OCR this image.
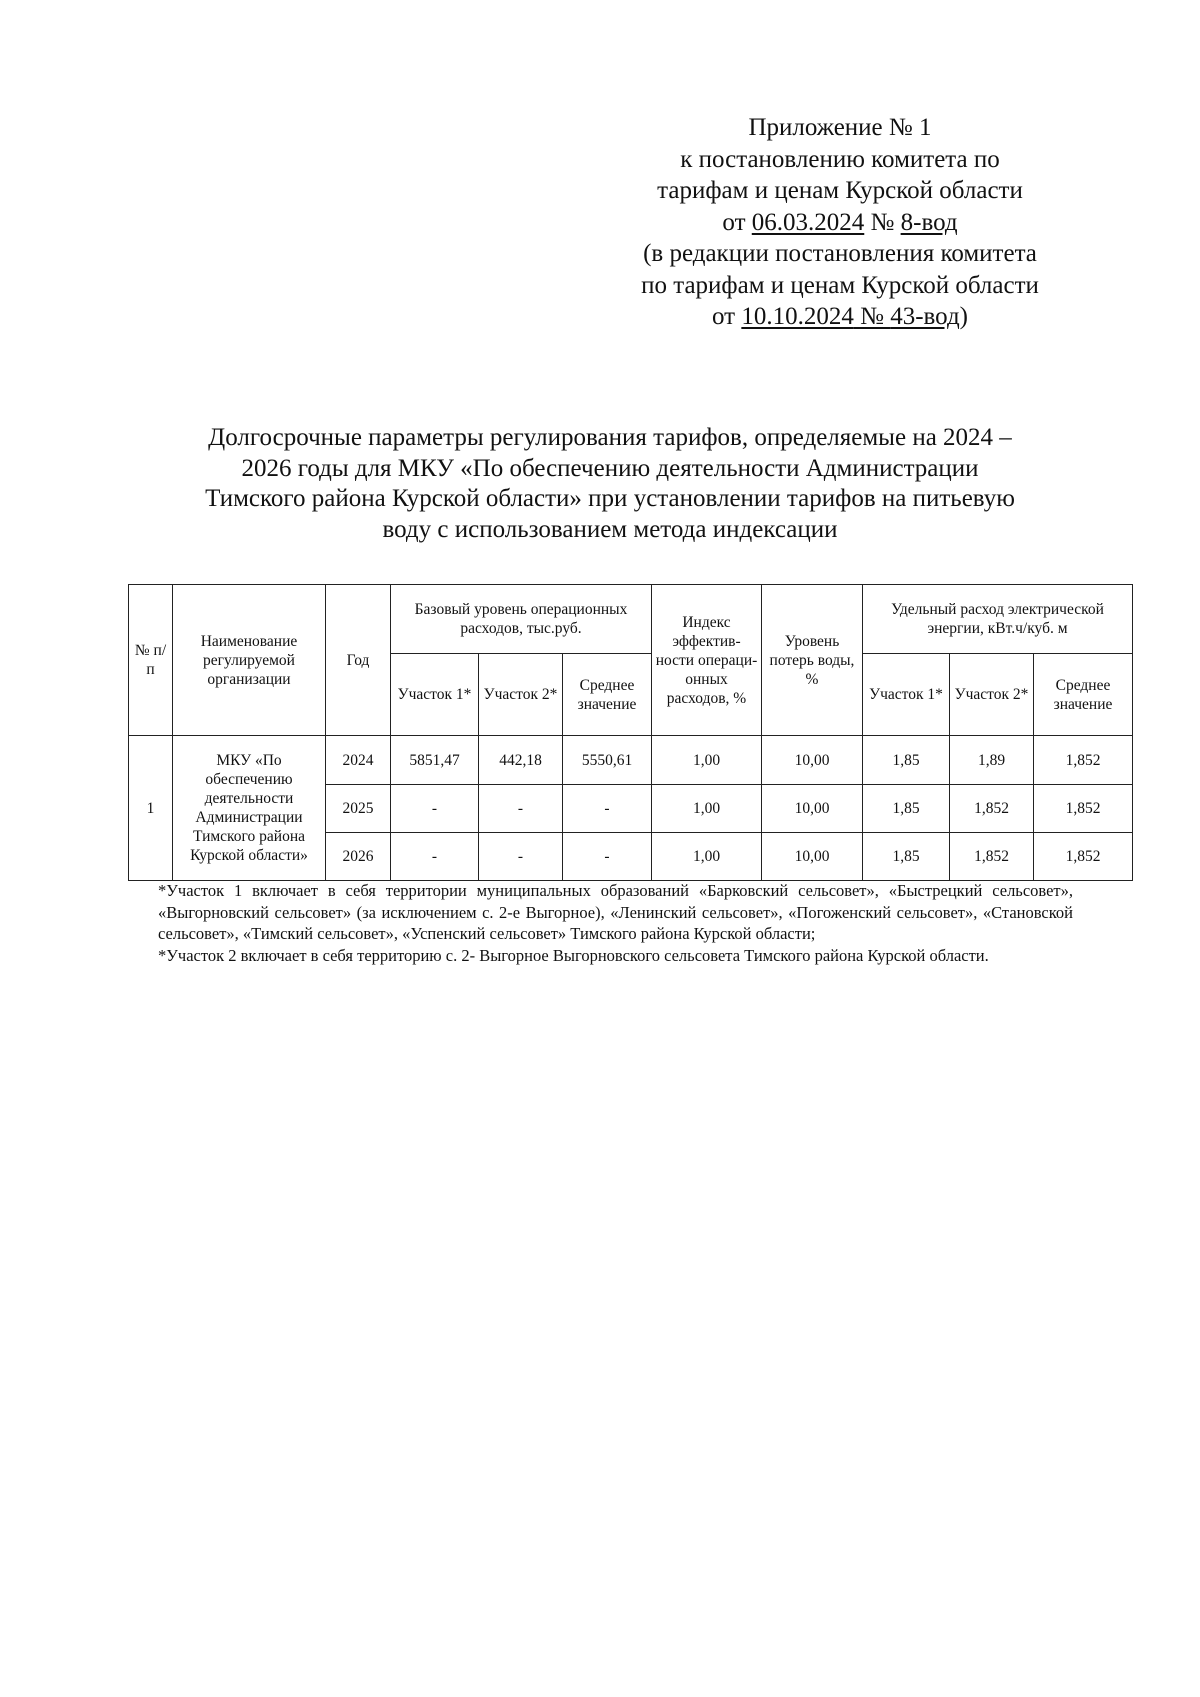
Приложение № 1
к постановлению комитета по
тарифам и ценам Курской области
от 06.03.2024 № 8-вод
(в редакции постановления комитета
по тарифам и ценам Курской области
от 10.10.2024 № 43-вод)
Долгосрочные параметры регулирования тарифов, определяемые на 2024 –
2026 годы для МКУ «По обеспечению деятельности Администрации
Тимского района Курской области» при установлении тарифов на питьевую
воду с использованием метода индексации
№ п/п	Наименование регулируемой организации	Год	Базовый уровень операционных расходов, тыс.руб.			Индекс эффектив-ности операци-онных расходов, %	Уровень потерь воды, %	Удельный расход электрической энергии, кВт.ч/куб. м		
			Участок 1*	Участок 2*	Среднее значение			Участок 1*	Участок 2*	Среднее значение
1	МКУ «По обеспечению деятельности Администрации Тимского района Курской области»	2024	5851,47	442,18	5550,61	1,00	10,00	1,85	1,89	1,852
		2025	-	-	-	1,00	10,00	1,85	1,852	1,852
		2026	-	-	-	1,00	10,00	1,85	1,852	1,852

*Участок 1 включает в себя территории муниципальных образований «Барковский сельсовет», «Быстрецкий сельсовет», «Выгорновский сельсовет» (за исключением с. 2-е Выгорное), «Ленинский сельсовет», «Погоженский сельсовет», «Становской сельсовет», «Тимский сельсовет», «Успенский сельсовет» Тимского района Курской области;

*Участок 2 включает в себя территорию с. 2- Выгорное Выгорновского сельсовета Тимского района Курской области.
